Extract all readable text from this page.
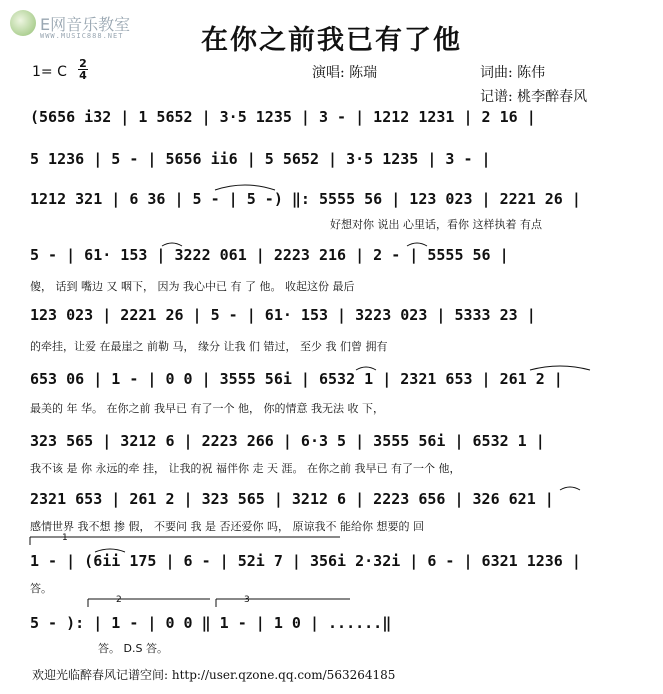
E网音乐教室
WWW.MUSIC888.NET	在你之前我已有了他
1= C
2
4	演唱: 陈瑞	词曲: 陈伟
记谱: 桃李醉春风
(5656 i32 | 1 5652 | 3·5 1235 | 3 - | 1212 1231 | 2 16 |
5 1236 | 5 - | 5656 ii6 | 5 5652 | 3·5 1235 | 3 - |
1212 321 | 6 36 | 5 - | 5 -) ‖: 5555 56 | 123 023 | 2221 26 |
5 - | 61· 153 | 3222 061 | 2223 216 | 2 - | 5555 56 |
123 023 | 2221 26 | 5 - | 61· 153 | 3223 023 | 5333 23 |
653 06 | 1 - | 0 0 | 3555 56i | 6532 1 | 2321 653 | 261 2 |
323 565 | 3212 6 | 2223 266 | 6·3 5 | 3555 56i | 6532 1 |
2321 653 | 261 2 | 323 565 | 3212 6 | 2223 656 | 326 621 |
1 - | (6ii 175 | 6 - | 52i 7 | 356i 2·32i | 6 - | 6321 1236 |
5 - ): | 1 - | 0 0 ‖ 1 - | 1 0 | ......‖
好想对你 说出 心里话，看你 这样执着 有点
傻， 话到 嘴边 又 咽下， 因为 我心中已 有 了 他。 收起这份 最后
的牵挂，让爱 在最崖之 前勒 马， 缘分 让我 们 错过， 至少 我 们曾 拥有
最美的 年 华。 在你之前 我早已 有了一个 他， 你的情意 我无法 收 下，
我不该 是 你 永远的牵 挂， 让我的祝 福伴你 走 天 涯。 在你之前 我早已 有了一个 他，
感情世界 我不想 掺 假， 不要问 我 是 否还爱你 吗， 原谅我不 能给你 想要的 回
答。
答。 D.S 答。
1
2	3
欢迎光临醉春风记谱空间: http://user.qzone.qq.com/563264185
